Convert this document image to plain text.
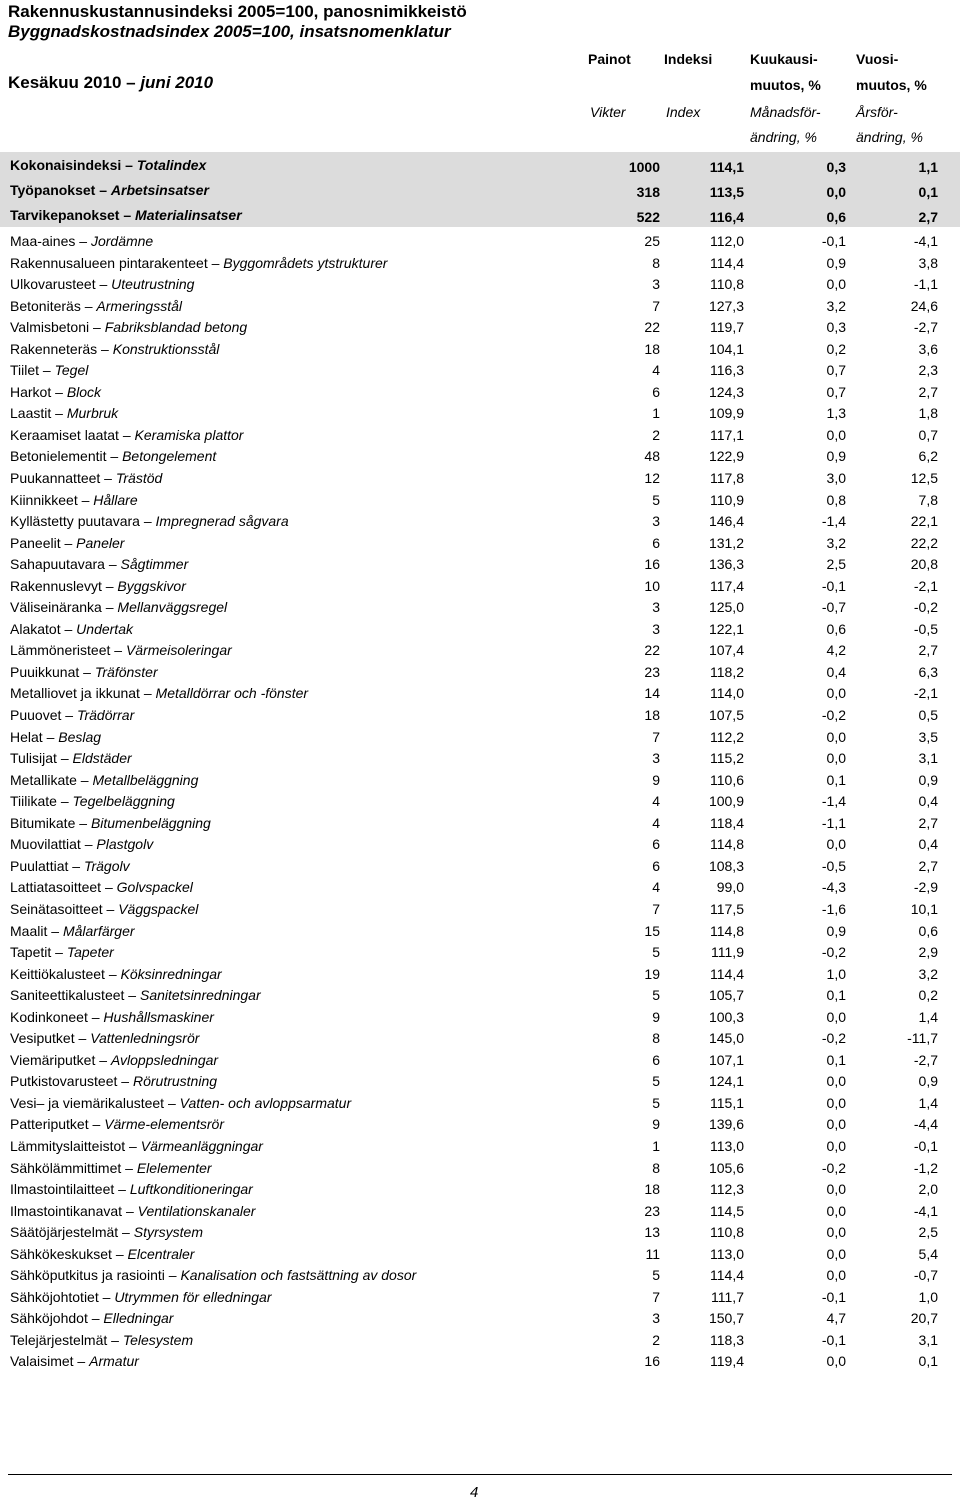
Rakennuskustannusindeksi 2005=100, panosnimikkeistö
Byggnadskostnadsindex 2005=100, insatsnomenklatur
Kesäkuu 2010 – juni 2010
Painot Indeksi	Kuukausi-	Vuosi-
muutos, %	muutos, %
Vikter	Index	Månadsför-	Årsför-
ändring, %	ändring, %
Kokonaisindeksi – Totalindex	1000	114,1	0,3	1,1
Työpanokset – Arbetsinsatser	318	113,5	0,0	0,1
Tarvikepanokset – Materialinsatser	522	116,4	0,6	2,7
Maa-aines – Jordämne	25	112,0	-0,1	-4,1
Rakennusalueen pintarakenteet – Byggområdets ytstrukturer	8	114,4	0,9	3,8
Ulkovarusteet – Uteutrustning	3	110,8	0,0	-1,1
Betoniteräs – Armeringsstål	7	127,3	3,2	24,6
Valmisbetoni – Fabriksblandad betong	22	119,7	0,3	-2,7
Rakenneteräs – Konstruktionsstål	18	104,1	0,2	3,6
Tiilet – Tegel	4	116,3	0,7	2,3
Harkot – Block	6	124,3	0,7	2,7
Laastit – Murbruk	1	109,9	1,3	1,8
Keraamiset laatat – Keramiska plattor	2	117,1	0,0	0,7
Betonielementit – Betongelement	48	122,9	0,9	6,2
Puukannatteet – Trästöd	12	117,8	3,0	12,5
Kiinnikkeet – Hållare	5	110,9	0,8	7,8
Kyllästetty puutavara – Impregnerad sågvara	3	146,4	-1,4	22,1
Paneelit – Paneler	6	131,2	3,2	22,2
Sahapuutavara – Sågtimmer	16	136,3	2,5	20,8
Rakennuslevyt – Byggskivor	10	117,4	-0,1	-2,1
Väliseinäranka – Mellanväggsregel	3	125,0	-0,7	-0,2
Alakatot – Undertak	3	122,1	0,6	-0,5
Lämmöneristeet – Värmeisoleringar	22	107,4	4,2	2,7
Puuikkunat – Träfönster	23	118,2	0,4	6,3
Metalliovet ja ikkunat – Metalldörrar och -fönster	14	114,0	0,0	-2,1
Puuovet – Trädörrar	18	107,5	-0,2	0,5
Helat – Beslag	7	112,2	0,0	3,5
Tulisijat – Eldstäder	3	115,2	0,0	3,1
Metallikate – Metallbeläggning	9	110,6	0,1	0,9
Tiilikate – Tegelbeläggning	4	100,9	-1,4	0,4
Bitumikate – Bitumenbeläggning	4	118,4	-1,1	2,7
Muovilattiat – Plastgolv	6	114,8	0,0	0,4
Puulattiat – Trägolv	6	108,3	-0,5	2,7
Lattiatasoitteet – Golvspackel	4	99,0	-4,3	-2,9
Seinätasoitteet – Väggspackel	7	117,5	-1,6	10,1
Maalit – Målarfärger	15	114,8	0,9	0,6
Tapetit – Tapeter	5	111,9	-0,2	2,9
Keittiökalusteet – Köksinredningar	19	114,4	1,0	3,2
Saniteettikalusteet – Sanitetsinredningar	5	105,7	0,1	0,2
Kodinkoneet – Hushållsmaskiner	9	100,3	0,0	1,4
Vesiputket – Vattenledningsrör	8	145,0	-0,2	-11,7
Viemäriputket – Avloppsledningar	6	107,1	0,1	-2,7
Putkistovarusteet – Rörutrustning	5	124,1	0,0	0,9
Vesi– ja viemärikalusteet – Vatten- och avloppsarmatur	5	115,1	0,0	1,4
Patteriputket – Värme-elementsrör	9	139,6	0,0	-4,4
Lämmityslaitteistot – Värmeanläggningar	1	113,0	0,0	-0,1
Sähkölämmittimet – Elelementer	8	105,6	-0,2	-1,2
Ilmastointilaitteet – Luftkonditioneringar	18	112,3	0,0	2,0
Ilmastointikanavat – Ventilationskanaler	23	114,5	0,0	-4,1
Säätöjärjestelmät – Styrsystem	13	110,8	0,0	2,5
Sähkökeskukset – Elcentraler	11	113,0	0,0	5,4
Sähköputkitus ja rasiointi – Kanalisation och fastsättning av dosor	5	114,4	0,0	-0,7
Sähköjohtotiet – Utrymmen för elledningar	7	111,7	-0,1	1,0
Sähköjohdot – Elledningar	3	150,7	4,7	20,7
Telejärjestelmät – Telesystem	2	118,3	-0,1	3,1
Valaisimet – Armatur	16	119,4	0,0	0,1
4
